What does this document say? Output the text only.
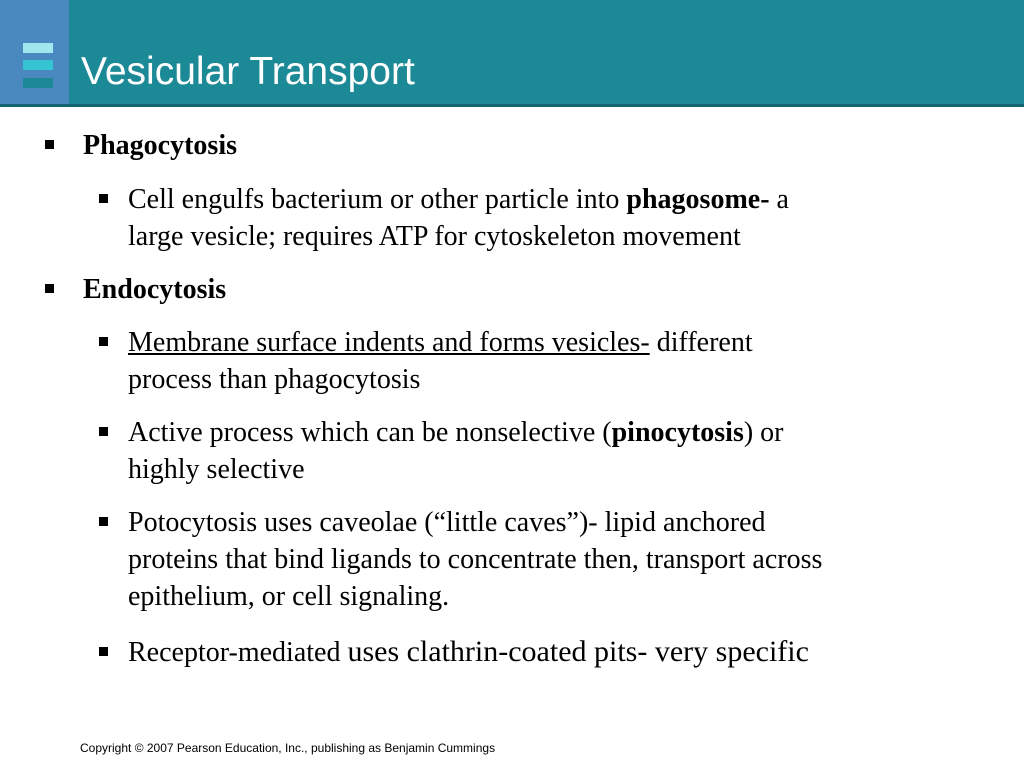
Vesicular Transport
Phagocytosis
Cell engulfs bacterium or other particle into phagosome- a
large vesicle; requires ATP for cytoskeleton movement
Endocytosis
Membrane surface indents and forms vesicles- different
process than phagocytosis
Active process which can be nonselective (pinocytosis) or
highly selective
Potocytosis uses caveolae (“little caves”)- lipid anchored
proteins that bind ligands to concentrate then, transport across
epithelium, or cell signaling.
Receptor-mediated uses clathrin-coated pits- very specific
Copyright © 2007 Pearson Education, Inc., publishing as Benjamin Cummings
